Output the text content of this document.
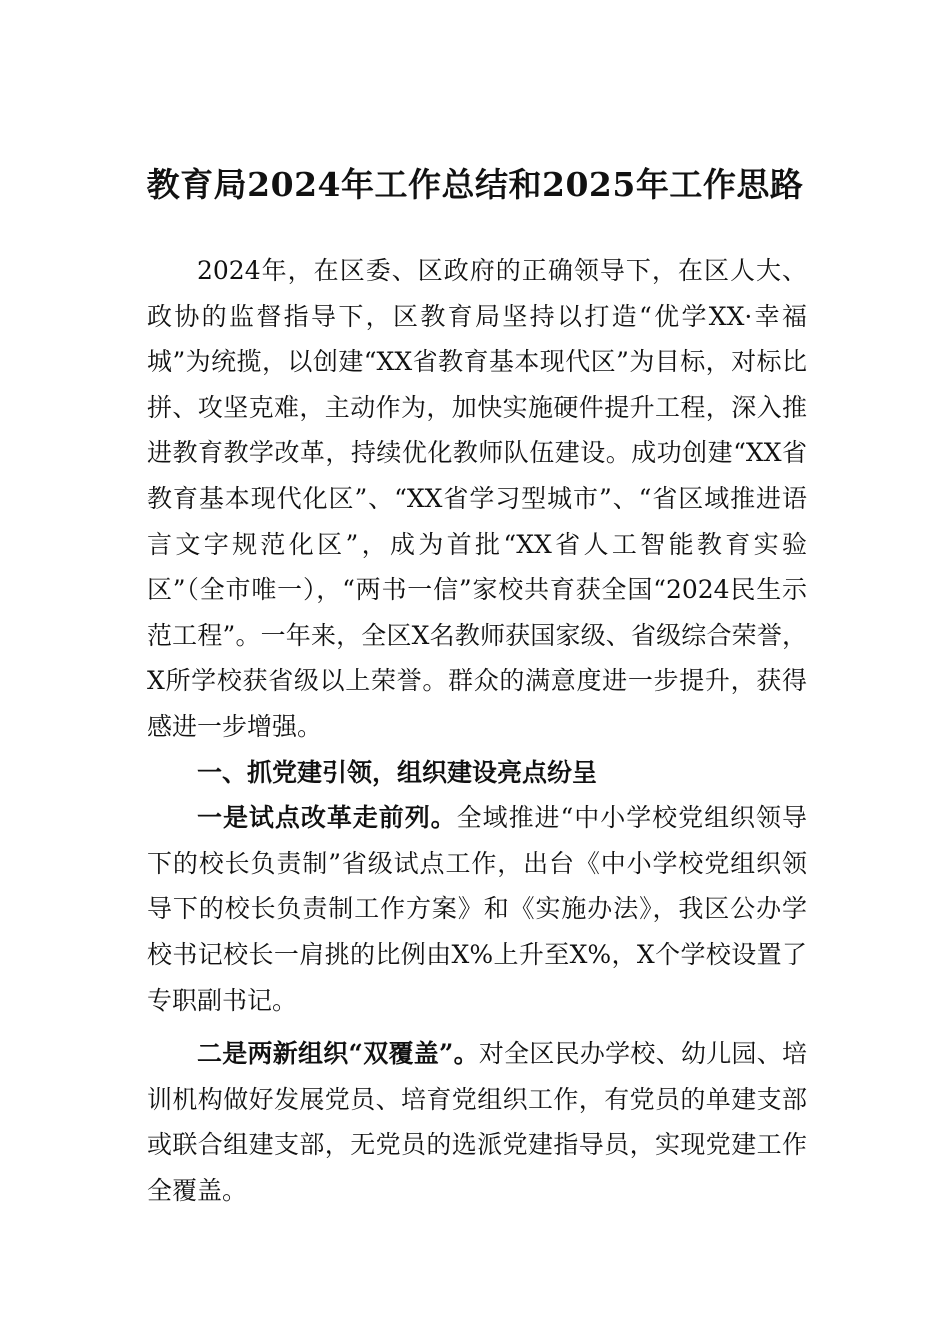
教育局2024年工作总结和2025年工作思路

2024年，在区委、区政府的正确领导下，在区人大、政协的监督指导下，区教育局坚持以打造“优学XX·幸福城”为统揽，以创建“XX省教育基本现代区”为目标，对标比拼、攻坚克难，主动作为，加快实施硬件提升工程，深入推进教育教学改革，持续优化教师队伍建设。成功创建“XX省教育基本现代化区”、“XX省学习型城市”、“省区域推进语言文字规范化区”，成为首批“XX省人工智能教育实验区”（全市唯一），“两书一信”家校共育获全国“2024民生示范工程”。一年来，全区X名教师获国家级、省级综合荣誉，X所学校获省级以上荣誉。群众的满意度进一步提升，获得感进一步增强。

一、抓党建引领，组织建设亮点纷呈

一是试点改革走前列。全域推进“中小学校党组织领导下的校长负责制”省级试点工作，出台《中小学校党组织领导下的校长负责制工作方案》和《实施办法》，我区公办学校书记校长一肩挑的比例由X%上升至X%，X个学校设置了专职副书记。

二是两新组织“双覆盖”。对全区民办学校、幼儿园、培训机构做好发展党员、培育党组织工作，有党员的单建支部或联合组建支部，无党员的选派党建指导员，实现党建工作全覆盖。
